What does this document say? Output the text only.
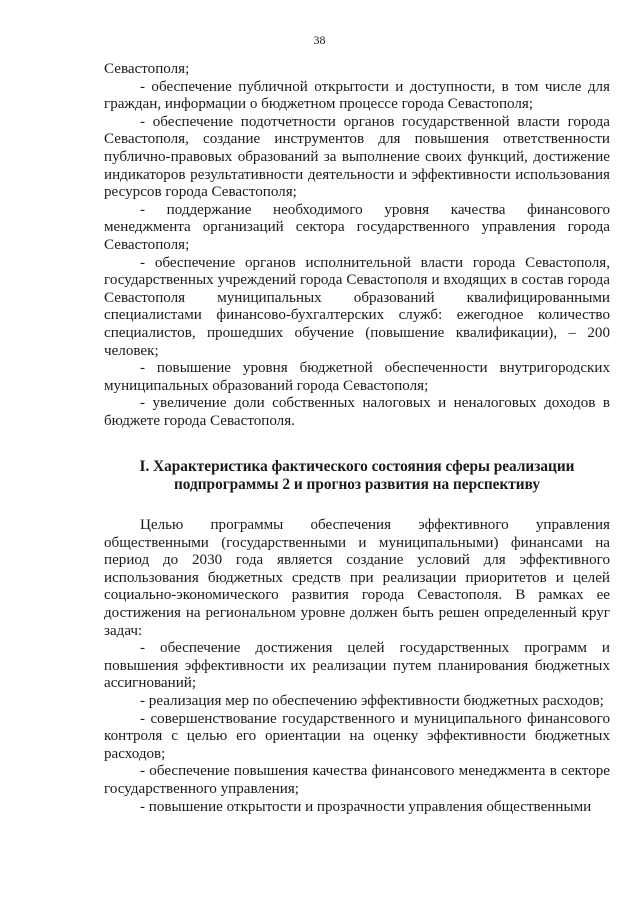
38

Севастополя;

- обеспечение публичной открытости и доступности, в том числе для граждан, информации о бюджетном процессе города Севастополя;

- обеспечение подотчетности органов государственной власти города Севастополя, создание инструментов для повышения ответственности публично-правовых образований за выполнение своих функций, достижение индикаторов результативности деятельности и эффективности использования ресурсов города Севастополя;

- поддержание необходимого уровня качества финансового менеджмента организаций сектора государственного управления города Севастополя;

- обеспечение органов исполнительной власти города Севастополя, государственных учреждений города Севастополя и входящих в состав города Севастополя муниципальных образований квалифицированными специалистами финансово-бухгалтерских служб: ежегодное количество специалистов, прошедших обучение (повышение квалификации), – 200 человек;

- повышение уровня бюджетной обеспеченности внутригородских муниципальных образований города Севастополя;

- увеличение доли собственных налоговых и неналоговых доходов в бюджете города Севастополя.

I. Характеристика фактического состояния сферы реализации
подпрограммы 2 и прогноз развития на перспективу

Целью программы обеспечения эффективного управления общественными (государственными и муниципальными) финансами на период до 2030 года является создание условий для эффективного использования бюджетных средств при реализации приоритетов и целей социально-экономического развития города Севастополя. В рамках ее достижения на региональном уровне должен быть решен определенный круг задач:

- обеспечение достижения целей государственных программ и повышения эффективности их реализации путем планирования бюджетных ассигнований;

- реализация мер по обеспечению эффективности бюджетных расходов;

- совершенствование государственного и муниципального финансового контроля с целью его ориентации на оценку эффективности бюджетных расходов;

- обеспечение повышения качества финансового менеджмента в секторе государственного управления;

- повышение открытости и прозрачности управления общественными
